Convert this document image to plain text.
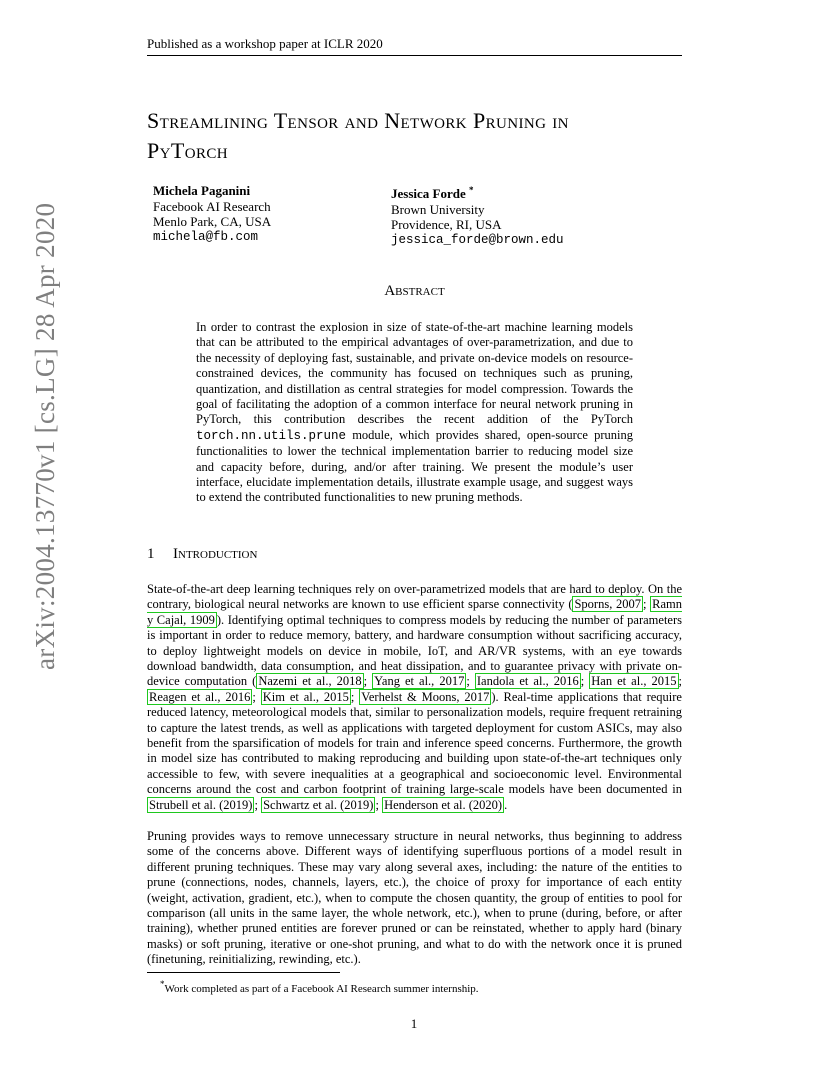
Published as a workshop paper at ICLR 2020
Streamlining Tensor and Network Pruning in
PyTorch
Michela Paganini
Facebook AI Research
Menlo Park, CA, USA
michela@fb.com
Jessica Forde *
Brown University
Providence, RI, USA
jessica_forde@brown.edu
Abstract
In order to contrast the explosion in size of state-of-the-art machine learning models that can be attributed to the empirical advantages of over-parametrization, and due to the necessity of deploying fast, sustainable, and private on-device models on resource-constrained devices, the community has focused on techniques such as pruning, quantization, and distillation as central strategies for model compression. Towards the goal of facilitating the adoption of a common interface for neural network pruning in PyTorch, this contribution describes the recent addition of the PyTorch torch.nn.utils.prune module, which provides shared, open-source pruning functionalities to lower the technical implementation barrier to reducing model size and capacity before, during, and/or after training. We present the module’s user interface, elucidate implementation details, illustrate example usage, and suggest ways to extend the contributed functionalities to new pruning methods.
1 Introduction
State-of-the-art deep learning techniques rely on over-parametrized models that are hard to deploy. On the contrary, biological neural networks are known to use efficient sparse connectivity ( Sporns, 2007 ; Ramn y Cajal, 1909 ). Identifying optimal techniques to compress models by reducing the number of parameters is important in order to reduce memory, battery, and hardware consumption without sacrificing accuracy, to deploy lightweight models on device in mobile, IoT, and AR/VR systems, with an eye towards download bandwidth, data consumption, and heat dissipation, and to guarantee privacy with private on-device computation ( Nazemi et al., 2018 ; Yang et al., 2017 ; Iandola et al., 2016 ; Han et al., 2015 ; Reagen et al., 2016 ; Kim et al., 2015 ; Verhelst & Moons, 2017 ). Real-time applications that require reduced latency, meteorological models that, similar to personalization models, require frequent retraining to capture the latest trends, as well as applications with targeted deployment for custom ASICs, may also benefit from the sparsification of models for train and inference speed concerns. Furthermore, the growth in model size has contributed to making reproducing and building upon state-of-the-art techniques only accessible to few, with severe inequalities at a geographical and socioeconomic level. Environmental concerns around the cost and carbon footprint of training large-scale models have been documented in Strubell et al. (2019) ; Schwartz et al. (2019) ; Henderson et al. (2020) .
Pruning provides ways to remove unnecessary structure in neural networks, thus beginning to address some of the concerns above. Different ways of identifying superfluous portions of a model result in different pruning techniques. These may vary along several axes, including: the nature of the entities to prune (connections, nodes, channels, layers, etc.), the choice of proxy for importance of each entity (weight, activation, gradient, etc.), when to compute the chosen quantity, the group of entities to pool for comparison (all units in the same layer, the whole network, etc.), when to prune (during, before, or after training), whether pruned entities are forever pruned or can be reinstated, whether to apply hard (binary masks) or soft pruning, iterative or one-shot pruning, and what to do with the network once it is pruned (finetuning, reinitializing, rewinding, etc.).
*Work completed as part of a Facebook AI Research summer internship.
1
arXiv:2004.13770v1 [cs.LG] 28 Apr 2020
